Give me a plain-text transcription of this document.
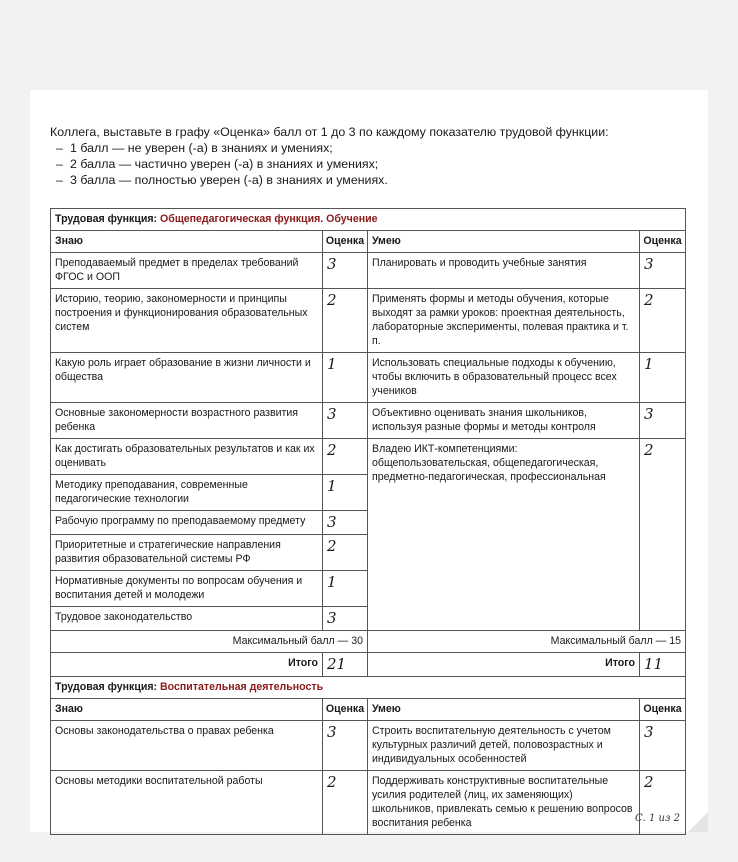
Коллега, выставьте в графу «Оценка» балл от 1 до 3 по каждому показателю трудовой функции:
– 1 балл — не уверен (-а) в знаниях и умениях;
– 2 балла — частично уверен (-а) в знаниях и умениях;
– 3 балла — полностью уверен (-а) в знаниях и умениях.
Трудовая функция: Общепедагогическая функция. Обучение			
Знаю	Оценка	Умею	Оценка
Преподаваемый предмет в пределах требований ФГОС и ООП	3	Планировать и проводить учебные занятия	3
Историю, теорию, закономерности и принципы построения и функционирования образовательных систем	2	Применять формы и методы обучения, которые выходят за рамки уроков: проектная деятельность, лабораторные эксперименты, полевая практика и т. п.	2
Какую роль играет образование в жизни личности и общества	1	Использовать специальные подходы к обучению, чтобы включить в образовательный процесс всех учеников	1
Основные закономерности возрастного развития ребенка	3	Объективно оценивать знания школьников, используя разные формы и методы контроля	3
Как достигать образовательных результатов и как их оценивать	2	Владею ИКТ-компетенциями: общепользовательская, общепедагогическая, предметно-педагогическая, профессиональная	2
Методику преподавания, современные педагогические технологии	1		
Рабочую программу по преподаваемому предмету	3		
Приоритетные и стратегические направления развития образовательной системы РФ	2		
Нормативные документы по вопросам обучения и воспитания детей и молодежи	1		
Трудовое законодательство	3		
Максимальный балл — 30		Максимальный балл — 15	
Итого	21	Итого	11
Трудовая функция: Воспитательная деятельность			
Знаю	Оценка	Умею	Оценка
Основы законодательства о правах ребенка	3	Строить воспитательную деятельность с учетом культурных различий детей, половозрастных и индивидуальных особенностей	3
Основы методики воспитательной работы	2	Поддерживать конструктивные воспитательные усилия родителей (лиц, их заменяющих) школьников, привлекать семью к решению вопросов воспитания ребенка	2
С. 1 из 2
